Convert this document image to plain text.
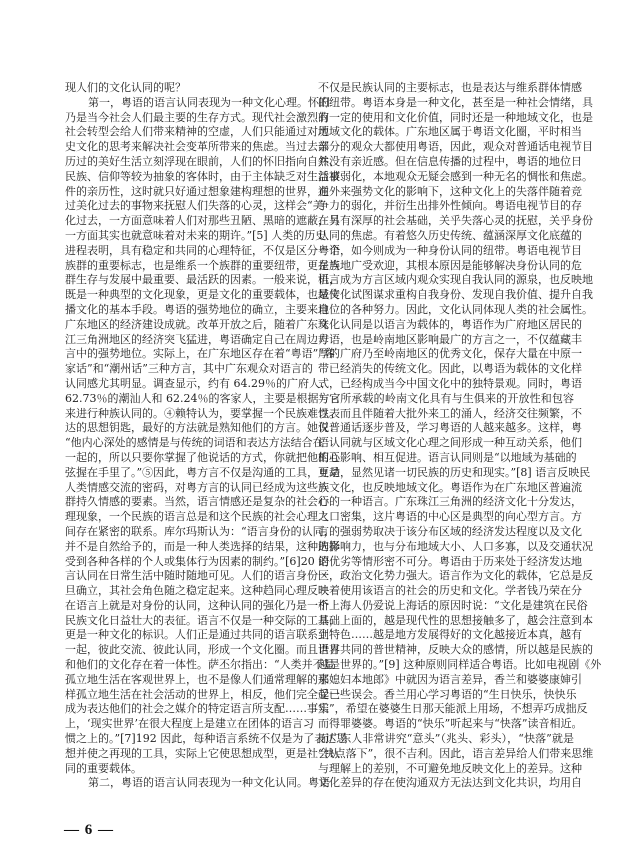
现人们的文化认同的呢？
第一，粤语的语言认同表现为一种文化心理。怀旧
乃是当今社会人们最主要的生存方式。现代社会激烈的
社会转型会给人们带来精神的空虚，人们只能通过对历
史文化的思考来解决社会变革所带来的焦虑。当过去亲
历过的美好生活立刻浮现在眼前，人们的怀旧指向自然、
民族、信仰等较为抽象的客体时，由于主体缺乏对生活事
件的亲历性，这时就只好通过想象建构理想的世界，通
过美化过去的事物来抚慰人们失落的心灵，这样会“美
化过去，一方面意味着人们对那些丑陋、黑暗的遮蔽，另
一方面其实也就意味着对未来的期许。”[5] 人类的历史
进程表明，具有稳定和共同的心理特征，不仅是区分一个
族群的重要标志，也是维系一个族群的重要纽带，更是族
群生存与发展中最重要、最活跃的因素。一般来说，语言
既是一种典型的文化现象，更是文化的重要载体，也是传
播文化的基本手段。粤语的强势地位的确立，主要来自
广东地区的经济建设成就。改革开放之后，随着广东珠
江三角洲地区的经济突飞猛进，粤语确定自己在周边方
言中的强势地位。实际上，在广东地区存在着“粤语”“客
家话”和“潮州话”三种方言，其中广东观众对语言的
认同感尤其明显。调查显示，约有 64.29％的广府人、
62.73％的潮汕人和 62.24％的客家人，主要是根据方言
来进行种族认同的。④赖特认为，要掌握一个民族难以表
达的思想钥匙，最好的方法就是熟知他们的方言。她说：
“他内心深处的感情是与传统的词语和表达方法结合在
一起的，所以只要你掌握了他说话的方式，你就把他的心
弦握在手里了。”⑤因此，粤方言不仅是沟通的工具，更是
人类情感交流的密码，对粤方言的认同已经成为这些族
群持久情感的要素。当然，语言情感还是复杂的社会心
理现象，一个民族的语言总是和这个民族的社会心理之
间存在紧密的联系。库尔玛斯认为：“语言身份的认同，
并不是自然给予的，而是一种人类选择的结果，这种选择
受到各种各样的个人或集体行为因素的制约。”[6]20 语
言认同在日常生活中随时随地可见。人们的语言身份一
旦确立，其社会角色随之稳定起来。这种趋同心理反映
在语言上就是对身份的认同，这种认同的强化乃是一个
民族文化日益壮大的表征。语言不仅是一种交际的工具，
更是一种文化的标识。人们正是通过共同的语言联系到
一起，彼此交流、彼此认同，形成一个文化圈。而且语言
和他们的文化存在着一体性。萨丕尔指出：“人类并不是
孤立地生活在客观世界上，也不是像人们通常理解的那
样孤立地生活在社会活动的世界上，相反，他们完全受已
成为表达他们的社会之媒介的特定语言所支配……事实
上，‘现实世界’在很大程度上是建立在团体的语言习
惯之上的。”[7]192 因此，每种语言系统不仅是为了表达思
想并使之再现的工具，实际上它使思想成型，更是社会认
同的重要载体。
第二，粤语的语言认同表现为一种文化认同。粤语
不仅是民族认同的主要标志，也是表达与维系群体情感
的纽带。粤语本身是一种文化，甚至是一种社会情绪，具
有一定的使用和文化价值，同时还是一种地域文化，也是
地域文化的载体。广东地区属于粤语文化圈，平时相当
部分的观众大都使用粤语，因此，观众对普通话电视节目
并没有亲近感。但在信息传播的过程中，粤语的地位日
益被弱化，本地观众无疑会感到一种无名的惆怅和焦虑。
在外来强势文化的影响下，这种文化上的失落伴随着竞
争力的弱化，并衍生出排外性倾向。粤语电视节目的存
在具有深厚的社会基础，关乎失落心灵的抚慰，关乎身份
认同的焦虑。有着悠久历史传统、蕴涵深厚文化底蕴的
粤语，如今则成为一种身份认同的纽带。粤语电视节目
在当地广受欢迎，其根本原因是能够解决身份认同的危
机，成为方言区域内观众实现自我认同的源泉，也反映地
域文化试图谋求重构自我身份、发现自我价值、提升自我
地位的各种努力。因此，文化认同体现人类的社会属性。
文化认同是以语言为载体的，粤语作为广府地区居民的
母语，也是岭南地区影响最广的方言之一，不仅蕴藏丰
厚的广府乃至岭南地区的优秀文化，保存大量在中原一
带已经消失的传统文化。因此，以粤语为载体的文化样
式，已经构成当今中国文化中的独特景观。同时，粤语
与它所承载的岭南文化具有与生俱来的开放性和包容
性。而且伴随着大批外来工的涌人，经济交往频繁，不
仅普通话逐步普及，学习粤语的人越来越多。这样，粤
语认同就与区域文化心理之间形成一种互动关系，他们
相互影响、相互促进。语言认同则是“以地域为基础的
互动，显然见诸一切民族的历史和现实。”[8] 语言反映民
族文化，也反映地域文化。粤语作为在广东地区普遍流
行的一种语言。广东珠江三角洲的经济文化十分发达，
人口密集，这片粤语的中心区是典型的向心型方言。方
言的强弱势取决于该分布区域的经济发达程度以及文化
的影响力，也与分布地域大小、人口多寡，以及交通状况
的优劣等情形密不可分。粤语由于历来处于经济发达地
区，政治文化势力强大。语言作为文化的载体，它总是反
映着使用该语言的社会的历史和文化。学者钱乃荣在分
析上海人仍爱说上海话的原因时说：“文化是建筑在民俗
基础上面的，越是现代性的思想接触多了，越会注意到本
土特色……越是地方发展得好的文化越接近本真，越有
世界共同的普世精神，反映大众的感情，所以越是民族的
越是世界的。”[9] 这种原则同样适合粤语。比如电视剧《外
来媳妇本地郎》中就因为语言差异，香兰和婆婆康婶引
起一些误会。香兰用心学习粤语的“生日快乐，快快乐
乐”，希望在婆婆生日那天能派上用场，不想弄巧成拙反
而得罪婆婆。粤语的“快乐”听起来与“快落”读音相近。
而广东人非常讲究“意头”（兆头、彩头），“快落”就是
“快点落下”，很不吉利。因此，语言差异给人们带来思维
与理解上的差别，不可避免地反映文化上的差异。这种
文化差异的存在使沟通双方无法达到文化共识，均用自
— 6 —
